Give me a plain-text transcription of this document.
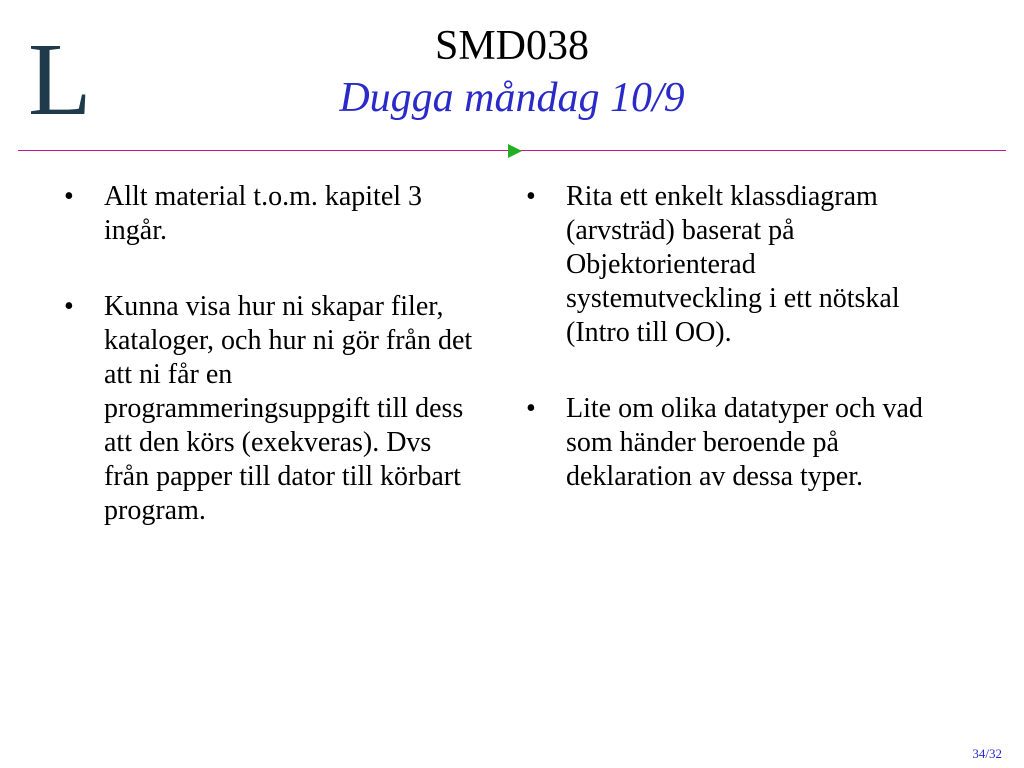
L	SMD038
Dugga måndag 10/9
• Allt material t.o.m. kapitel 3 ingår.
• Kunna visa hur ni skapar filer, kataloger, och hur ni gör från det att ni får en programmeringsuppgift till dess att den körs (exekveras). Dvs från papper till dator till körbart program.
• Rita ett enkelt klassdiagram (arvsträd) baserat på Objektorienterad systemutveckling i ett nötskal (Intro till OO).
• Lite om olika datatyper och vad som händer beroende på deklaration av dessa typer.
34/32
